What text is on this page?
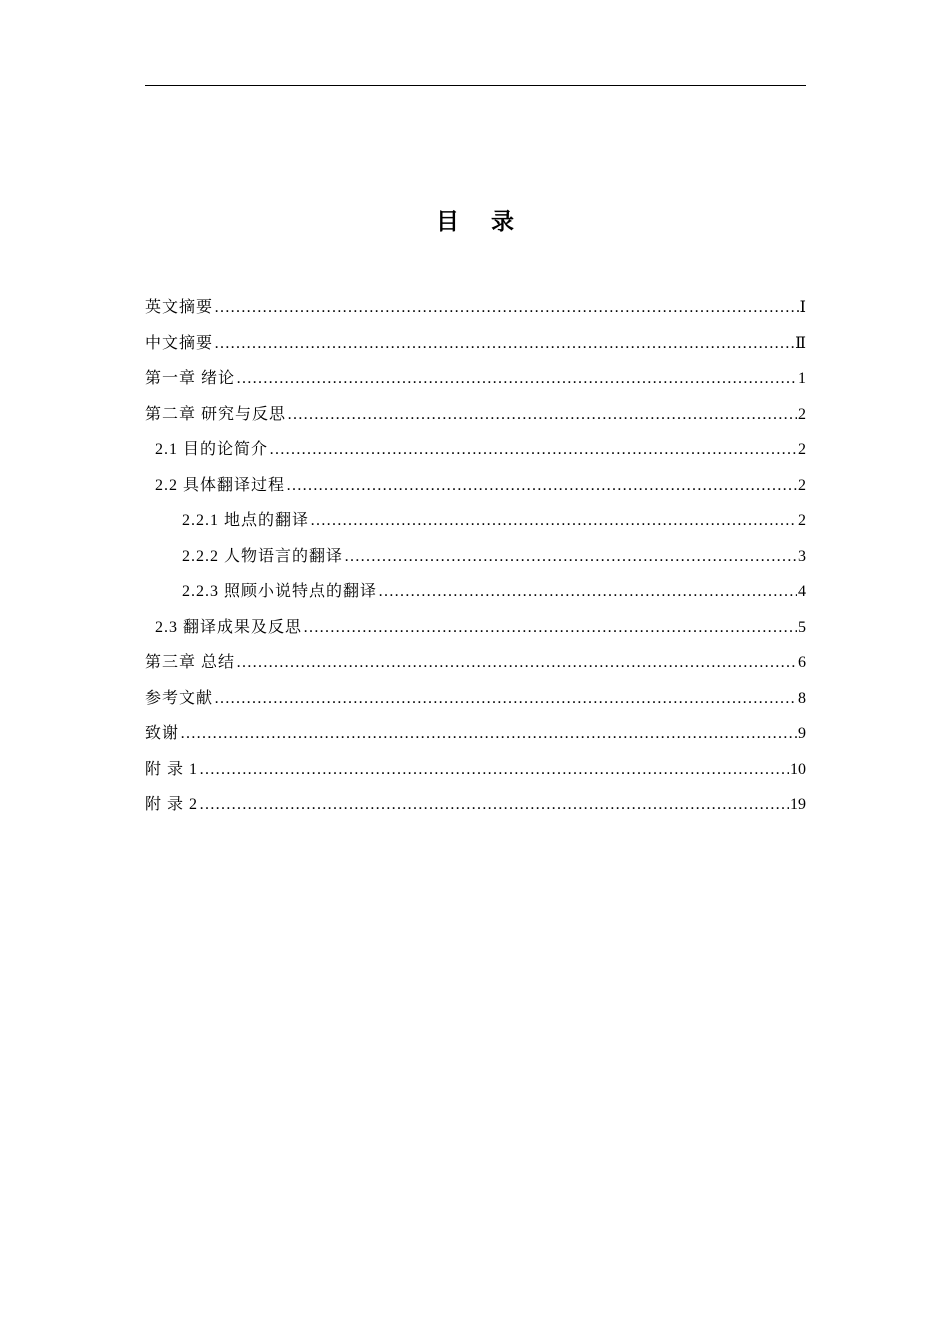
目 录
英文摘要 ………………………………………………………………………………………………………………………………………………………………	Ⅰ
中文摘要 ………………………………………………………………………………………………………………………………………………………………	Ⅱ
第一章 绪论 ………………………………………………………………………………………………………………………………………………………………	1
第二章 研究与反思 ………………………………………………………………………………………………………………………………………………………………	2
2.1 目的论简介 ………………………………………………………………………………………………………………………………………………………………	2
2.2 具体翻译过程 ………………………………………………………………………………………………………………………………………………………………	2
2.2.1 地点的翻译 ………………………………………………………………………………………………………………………………………………………………	2
2.2.2 人物语言的翻译 ………………………………………………………………………………………………………………………………………………………………	3
2.2.3 照顾小说特点的翻译 ………………………………………………………………………………………………………………………………………………………………	4
2.3 翻译成果及反思 ………………………………………………………………………………………………………………………………………………………………	5
第三章 总结 ………………………………………………………………………………………………………………………………………………………………	6
参考文献 ………………………………………………………………………………………………………………………………………………………………	8
致谢 ………………………………………………………………………………………………………………………………………………………………	9
附 录 1 ………………………………………………………………………………………………………………………………………………………………	10
附 录 2 ………………………………………………………………………………………………………………………………………………………………	19
